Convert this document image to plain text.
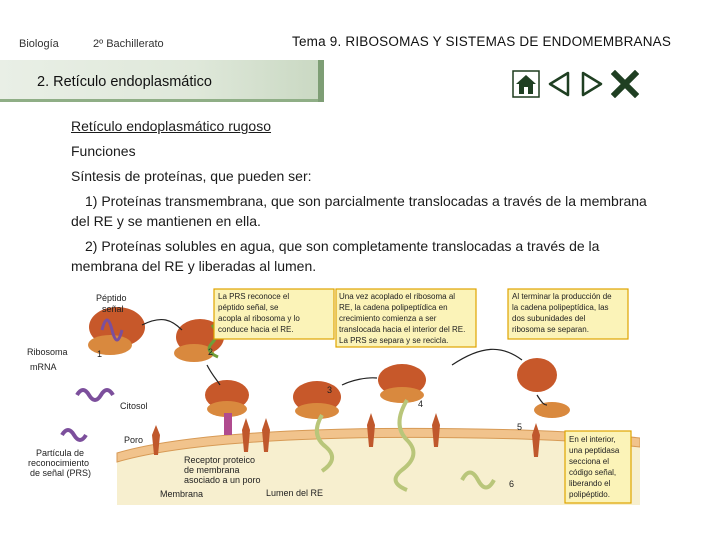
Biología	2º Bachillerato	Tema 9. RIBOSOMAS Y SISTEMAS DE ENDOMEMBRANAS
2. Retículo endoplasmático

Retículo endoplasmático rugoso

Funciones

Síntesis de proteínas, que pueden ser:

1) Proteínas transmembrana, que son parcialmente translocadas a través de la membrana del RE y se mantienen en ella.

2) Proteínas solubles en agua, que son completamente translocadas a través de la membrana del RE y liberadas al lumen.

1	2
3
4
5
6
Péptido
señal
Ribosoma
mRNA
Citosol
Poro
Partícula de
reconocimiento
de señal (PRS)
Receptor proteico
de membrana
asociado a un poro
Membrana	Lumen del RE
La PRS reconoce el
péptido señal, se
acopla al ribosoma y lo
conduce hacia el RE.
Una vez acoplado el ribosoma al
RE, la cadena polipeptídica en
crecimiento comienza a ser
translocada hacia el interior del RE.
La PRS se separa y se recicla.
Al terminar la producción de
la cadena polipeptídica, las
dos subunidades del
ribosoma se separan.
En el interior,
una peptidasa
secciona el
código señal,
liberando el
polipéptido.
